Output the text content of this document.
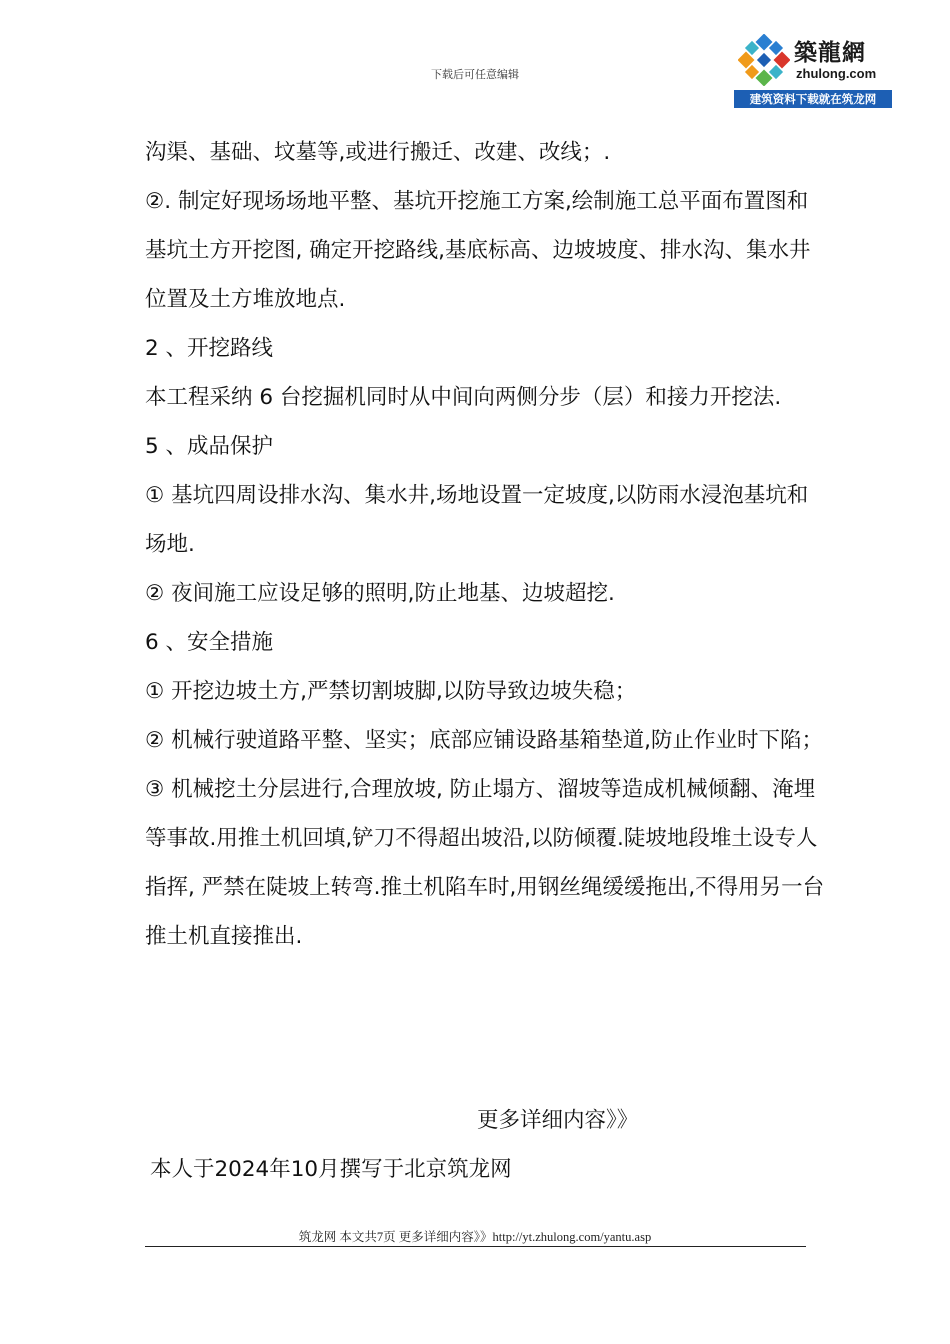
下载后可任意编辑
築龍網
zhulong.com
建筑资料下载就在筑龙网

沟渠、基础、坟墓等,或进行搬迁、改建、改线；.

②. 制定好现场场地平整、基坑开挖施工方案,绘制施工总平面布置图和基坑土方开挖图, 确定开挖路线,基底标高、边坡坡度、排水沟、集水井位置及土方堆放地点.

2 、开挖路线

本工程采纳 6 台挖掘机同时从中间向两侧分步（层）和接力开挖法.

5 、成品保护

① 基坑四周设排水沟、集水井,场地设置一定坡度,以防雨水浸泡基坑和场地.

② 夜间施工应设足够的照明,防止地基、边坡超挖.

6 、安全措施

① 开挖边坡土方,严禁切割坡脚,以防导致边坡失稳；

② 机械行驶道路平整、坚实；底部应铺设路基箱垫道,防止作业时下陷；

③ 机械挖土分层进行,合理放坡, 防止塌方、溜坡等造成机械倾翻、淹埋等事故.用推土机回填,铲刀不得超出坡沿,以防倾覆.陡坡地段堆土设专人指挥, 严禁在陡坡上转弯.推土机陷车时,用钢丝绳缓缓拖出,不得用另一台推土机直接推出.

更多详细内容》》
本人于2024年10月撰写于北京筑龙网
筑龙网 本文共7页 更多详细内容》》http://yt.zhulong.com/yantu.asp
